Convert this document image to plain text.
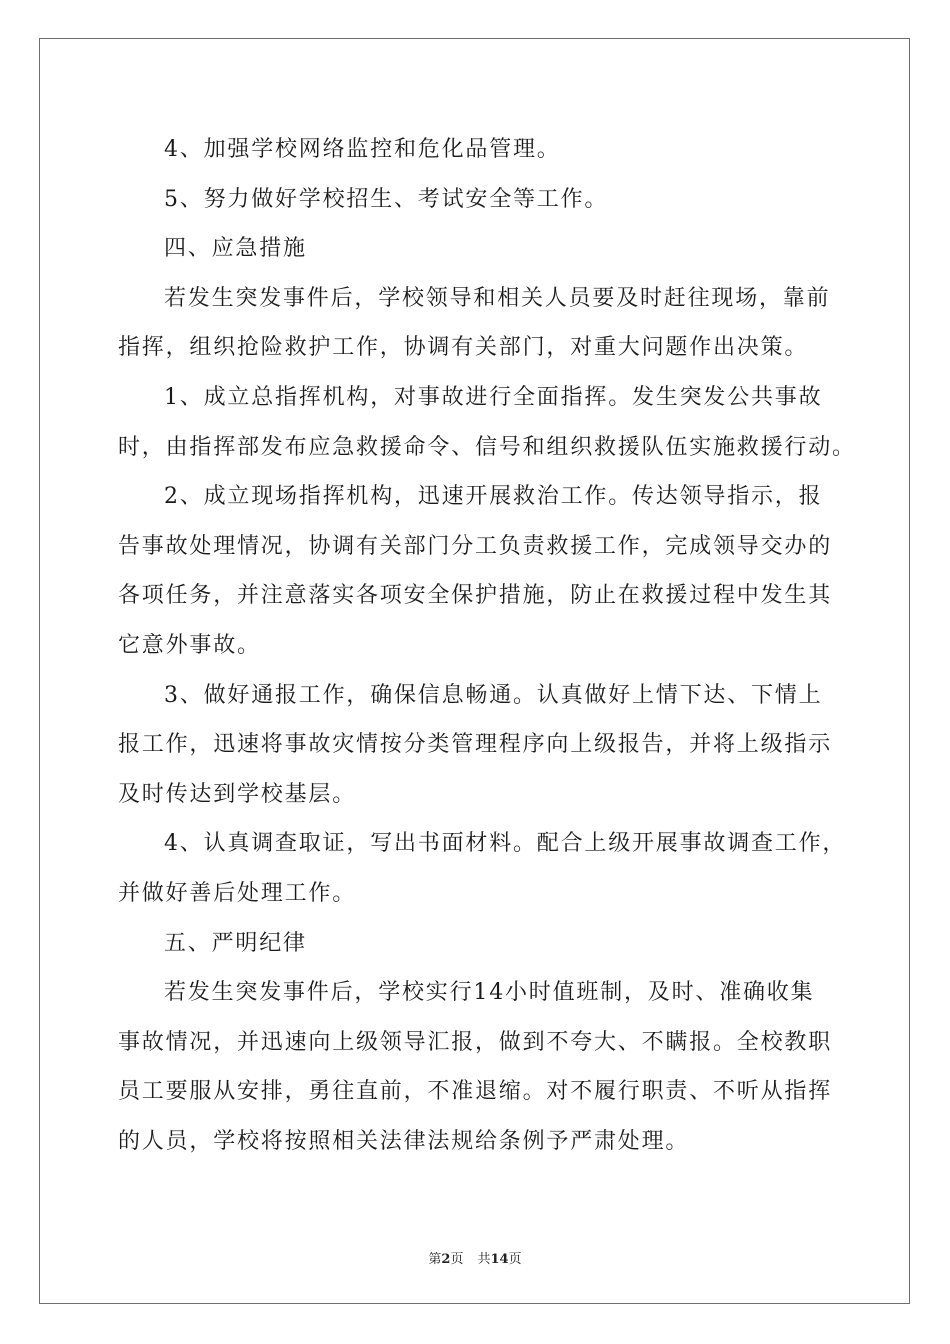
4、加强学校网络监控和危化品管理。
5、努力做好学校招生、考试安全等工作。
四、应急措施
若发生突发事件后，学校领导和相关人员要及时赶往现场，靠前
指挥，组织抢险救护工作，协调有关部门，对重大问题作出决策。
1、成立总指挥机构，对事故进行全面指挥。发生突发公共事故
时，由指挥部发布应急救援命令、信号和组织救援队伍实施救援行动。
2、成立现场指挥机构，迅速开展救治工作。传达领导指示，报
告事故处理情况，协调有关部门分工负责救援工作，完成领导交办的
各项任务，并注意落实各项安全保护措施，防止在救援过程中发生其
它意外事故。
3、做好通报工作，确保信息畅通。认真做好上情下达、下情上
报工作，迅速将事故灾情按分类管理程序向上级报告，并将上级指示
及时传达到学校基层。
4、认真调查取证，写出书面材料。配合上级开展事故调查工作，
并做好善后处理工作。
五、严明纪律
若发生突发事件后，学校实行14小时值班制，及时、准确收集
事故情况，并迅速向上级领导汇报，做到不夸大、不瞒报。全校教职
员工要服从安排，勇往直前，不准退缩。对不履行职责、不听从指挥
的人员，学校将按照相关法律法规给条例予严肃处理。
第2页 共14页
